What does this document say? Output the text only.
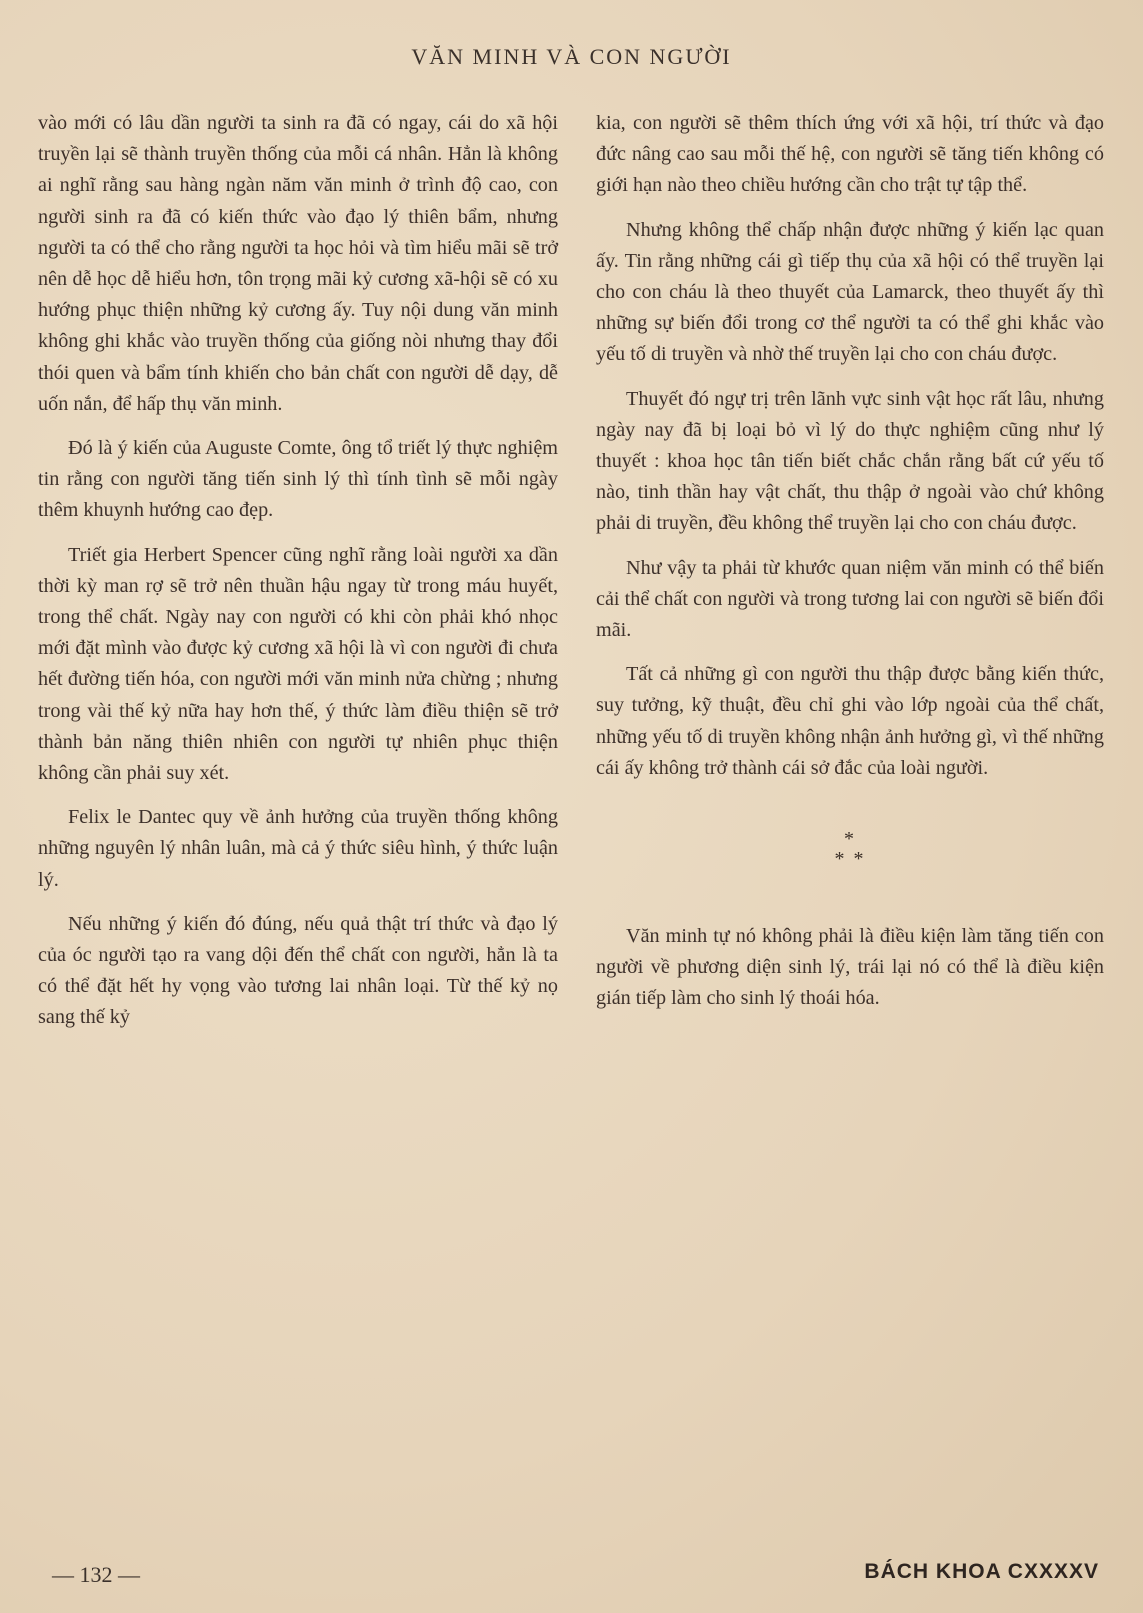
VĂN MINH VÀ CON NGƯỜI

vào mới có lâu dần người ta sinh ra đã có ngay, cái do xã hội truyền lại sẽ thành truyền thống của mỗi cá nhân. Hẳn là không ai nghĩ rằng sau hàng ngàn năm văn minh ở trình độ cao, con người sinh ra đã có kiến thức vào đạo lý thiên bẩm, nhưng người ta có thể cho rằng người ta học hỏi và tìm hiểu mãi sẽ trở nên dễ học dễ hiểu hơn, tôn trọng mãi kỷ cương xã-hội sẽ có xu hướng phục thiện những kỷ cương ấy. Tuy nội dung văn minh không ghi khắc vào truyền thống của giống nòi nhưng thay đổi thói quen và bẩm tính khiến cho bản chất con người dễ dạy, dễ uốn nắn, để hấp thụ văn minh.

Đó là ý kiến của Auguste Comte, ông tổ triết lý thực nghiệm tin rằng con người tăng tiến sinh lý thì tính tình sẽ mỗi ngày thêm khuynh hướng cao đẹp.

Triết gia Herbert Spencer cũng nghĩ rằng loài người xa dần thời kỳ man rợ sẽ trở nên thuần hậu ngay từ trong máu huyết, trong thể chất. Ngày nay con người có khi còn phải khó nhọc mới đặt mình vào được kỷ cương xã hội là vì con người đi chưa hết đường tiến hóa, con người mới văn minh nửa chừng ; nhưng trong vài thế kỷ nữa hay hơn thế, ý thức làm điều thiện sẽ trở thành bản năng thiên nhiên con người tự nhiên phục thiện không cần phải suy xét.

Felix le Dantec quy về ảnh hưởng của truyền thống không những nguyên lý nhân luân, mà cả ý thức siêu hình, ý thức luận lý.

Nếu những ý kiến đó đúng, nếu quả thật trí thức và đạo lý của óc người tạo ra vang dội đến thể chất con người, hẳn là ta có thể đặt hết hy vọng vào tương lai nhân loại. Từ thế kỷ nọ sang thế kỷ

kia, con người sẽ thêm thích ứng với xã hội, trí thức và đạo đức nâng cao sau mỗi thế hệ, con người sẽ tăng tiến không có giới hạn nào theo chiều hướng cần cho trật tự tập thể.

Nhưng không thể chấp nhận được những ý kiến lạc quan ấy. Tin rằng những cái gì tiếp thụ của xã hội có thể truyền lại cho con cháu là theo thuyết của Lamarck, theo thuyết ấy thì những sự biến đổi trong cơ thể người ta có thể ghi khắc vào yếu tố di truyền và nhờ thế truyền lại cho con cháu được.

Thuyết đó ngự trị trên lãnh vực sinh vật học rất lâu, nhưng ngày nay đã bị loại bỏ vì lý do thực nghiệm cũng như lý thuyết : khoa học tân tiến biết chắc chắn rằng bất cứ yếu tố nào, tinh thần hay vật chất, thu thập ở ngoài vào chứ không phải di truyền, đều không thể truyền lại cho con cháu được.

Như vậy ta phải từ khước quan niệm văn minh có thể biến cải thể chất con người và trong tương lai con người sẽ biến đổi mãi.

Tất cả những gì con người thu thập được bằng kiến thức, suy tưởng, kỹ thuật, đều chỉ ghi vào lớp ngoài của thể chất, những yếu tố di truyền không nhận ảnh hưởng gì, vì thế những cái ấy không trở thành cái sở đắc của loài người.

*
* *

Văn minh tự nó không phải là điều kiện làm tăng tiến con người về phương diện sinh lý, trái lại nó có thể là điều kiện gián tiếp làm cho sinh lý thoái hóa.

— 132 —	BÁCH KHOA CXXXXV
